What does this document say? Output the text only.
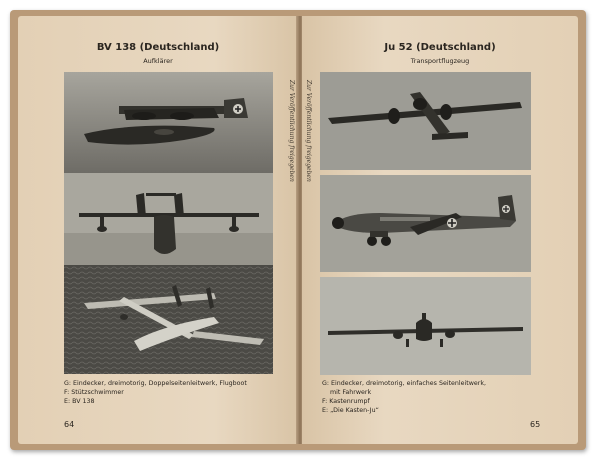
BV 138 (Deutschland)
Aufklärer
G: Eindecker, dreimotorig, Doppelseitenleitwerk, Flugboot
F: Stützschwimmer
E: BV 138
64
Zur Veröffentlichung freigegeben
Ju 52 (Deutschland)
Transportflugzeug
G: Eindecker, dreimotorig, einfaches Seitenleitwerk,
mit Fahrwerk
F: Kastenrumpf
E: „Die Kasten-Ju“
65
Zur Veröffentlichung freigegeben
